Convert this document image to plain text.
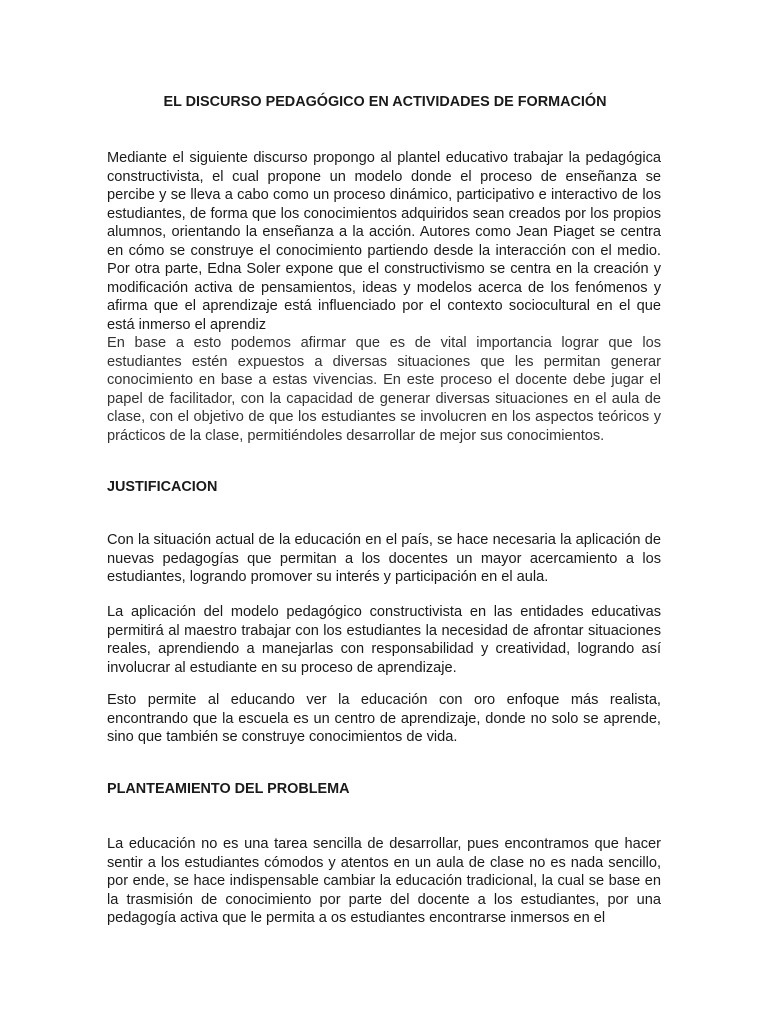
EL DISCURSO PEDAGÓGICO EN ACTIVIDADES DE FORMACIÓN

Mediante el siguiente discurso propongo al plantel educativo trabajar la pedagógica constructivista, el cual propone un modelo donde el proceso de enseñanza se percibe y se lleva a cabo como un proceso dinámico, participativo e interactivo de los estudiantes, de forma que los conocimientos adquiridos sean creados por los propios alumnos, orientando la enseñanza a la acción. Autores como Jean Piaget se centra en cómo se construye el conocimiento partiendo desde la interacción con el medio. Por otra parte, Edna Soler expone que el constructivismo se centra en la creación y modificación activa de pensamientos, ideas y modelos acerca de los fenómenos y afirma que el aprendizaje está influenciado por el contexto sociocultural en el que está inmerso el aprendiz

En base a esto podemos afirmar que es de vital importancia lograr que los estudiantes estén expuestos a diversas situaciones que les permitan generar conocimiento en base a estas vivencias. En este proceso el docente debe jugar el papel de facilitador, con la capacidad de generar diversas situaciones en el aula de clase, con el objetivo de que los estudiantes se involucren en los aspectos teóricos y prácticos de la clase, permitiéndoles desarrollar de mejor sus conocimientos.

JUSTIFICACION

Con la situación actual de la educación en el país, se hace necesaria la aplicación de nuevas pedagogías que permitan a los docentes un mayor acercamiento a los estudiantes, logrando promover su interés y participación en el aula.

La aplicación del modelo pedagógico constructivista en las entidades educativas permitirá al maestro trabajar con los estudiantes la necesidad de afrontar situaciones reales, aprendiendo a manejarlas con responsabilidad y creatividad, logrando así involucrar al estudiante en su proceso de aprendizaje.

Esto permite al educando ver la educación con oro enfoque más realista, encontrando que la escuela es un centro de aprendizaje, donde no solo se aprende, sino que también se construye conocimientos de vida.

PLANTEAMIENTO DEL PROBLEMA

La educación no es una tarea sencilla de desarrollar, pues encontramos que hacer sentir a los estudiantes cómodos y atentos en un aula de clase no es nada sencillo, por ende, se hace indispensable cambiar la educación tradicional, la cual se base en la trasmisión de conocimiento por parte del docente a los estudiantes, por una pedagogía activa que le permita a os estudiantes encontrarse inmersos en el
